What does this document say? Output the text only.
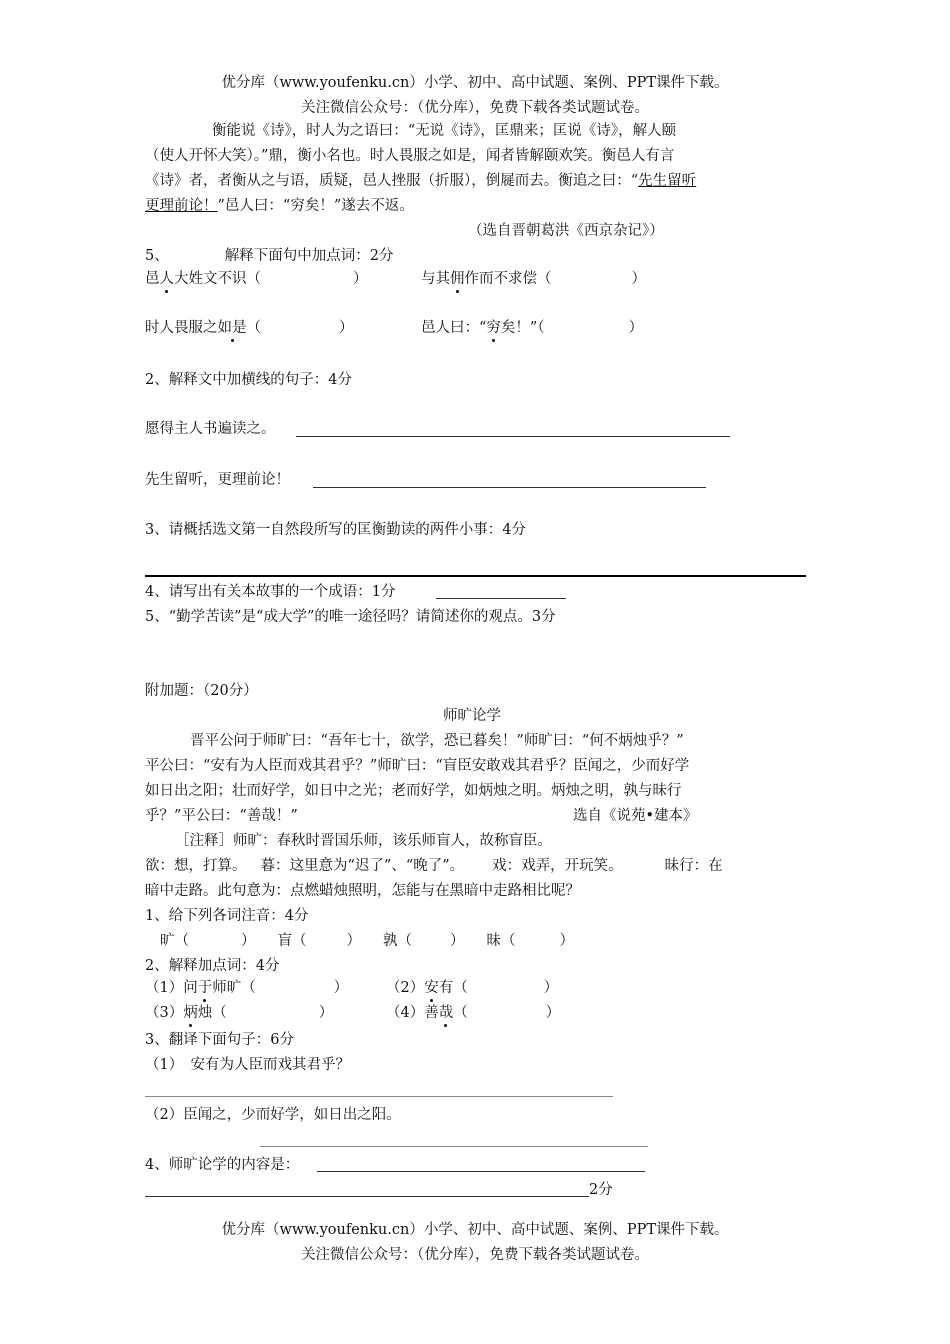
优分库（www.youfenku.cn）小学、初中、高中试题、案例、PPT课件下载。
关注微信公众号：（优分库），免费下载各类试题试卷。
衡能说《诗》，时人为之语曰：“无说《诗》，匡鼎来；匡说《诗》，解人颐
（使人开怀大笑）。”鼎，衡小名也。时人畏服之如是，闻者皆解颐欢笑。衡邑人有言
《诗》者，者衡从之与语，质疑，邑人挫服（折服），倒屣而去。衡追之曰：“先生留听
更理前论！”邑人曰：“穷矣！”遂去不返。
（选自晋朝葛洪《西京杂记》）
5、	解释下面句中加点词：2分
邑人大姓文不识（	）	与其佣作而不求偿（	）
时人畏服之如是（	）	邑人曰：“穷矣！”（	）
2、解释文中加横线的句子：4分
愿得主人书遍读之。
先生留听，更理前论！
3、请概括选文第一自然段所写的匡衡勤读的两件小事：4分
4、请写出有关本故事的一个成语：1分
5、“勤学苦读”是“成大学”的唯一途径吗？请简述你的观点。3分
附加题：（20分）
师旷论学
晋平公问于师旷曰：“吾年七十，欲学，恐已暮矣！”师旷曰：“何不炳烛乎？”
平公曰：“安有为人臣而戏其君乎？”师旷曰：“盲臣安敢戏其君乎？臣闻之，少而好学
如日出之阳；壮而好学，如日中之光；老而好学，如炳烛之明。炳烛之明，孰与昧行
乎？”平公曰：“善哉！”	选自《说苑•建本》
［注释］师旷：春秋时晋国乐师，该乐师盲人，故称盲臣。
欲：想，打算。 暮：这里意为“迟了”、“晚了”。 戏：戏弄，开玩笑。	昧行：在
暗中走路。此句意为：点燃蜡烛照明，怎能与在黑暗中走路相比呢？
1、给下列各词注音：4分
旷（	） 盲（	） 孰（	） 昧（	）
2、解释加点词：4分
（1）问于师旷（	）	（2）安有（	）
（3）炳烛（	）	（4）善哉（	）
3、翻译下面句子：6分
（1）　安有为人臣而戏其君乎？
（2）臣闻之，少而好学，如日出之阳。
4、师旷论学的内容是：
2分
优分库（www.youfenku.cn）小学、初中、高中试题、案例、PPT课件下载。
关注微信公众号：（优分库），免费下载各类试题试卷。
